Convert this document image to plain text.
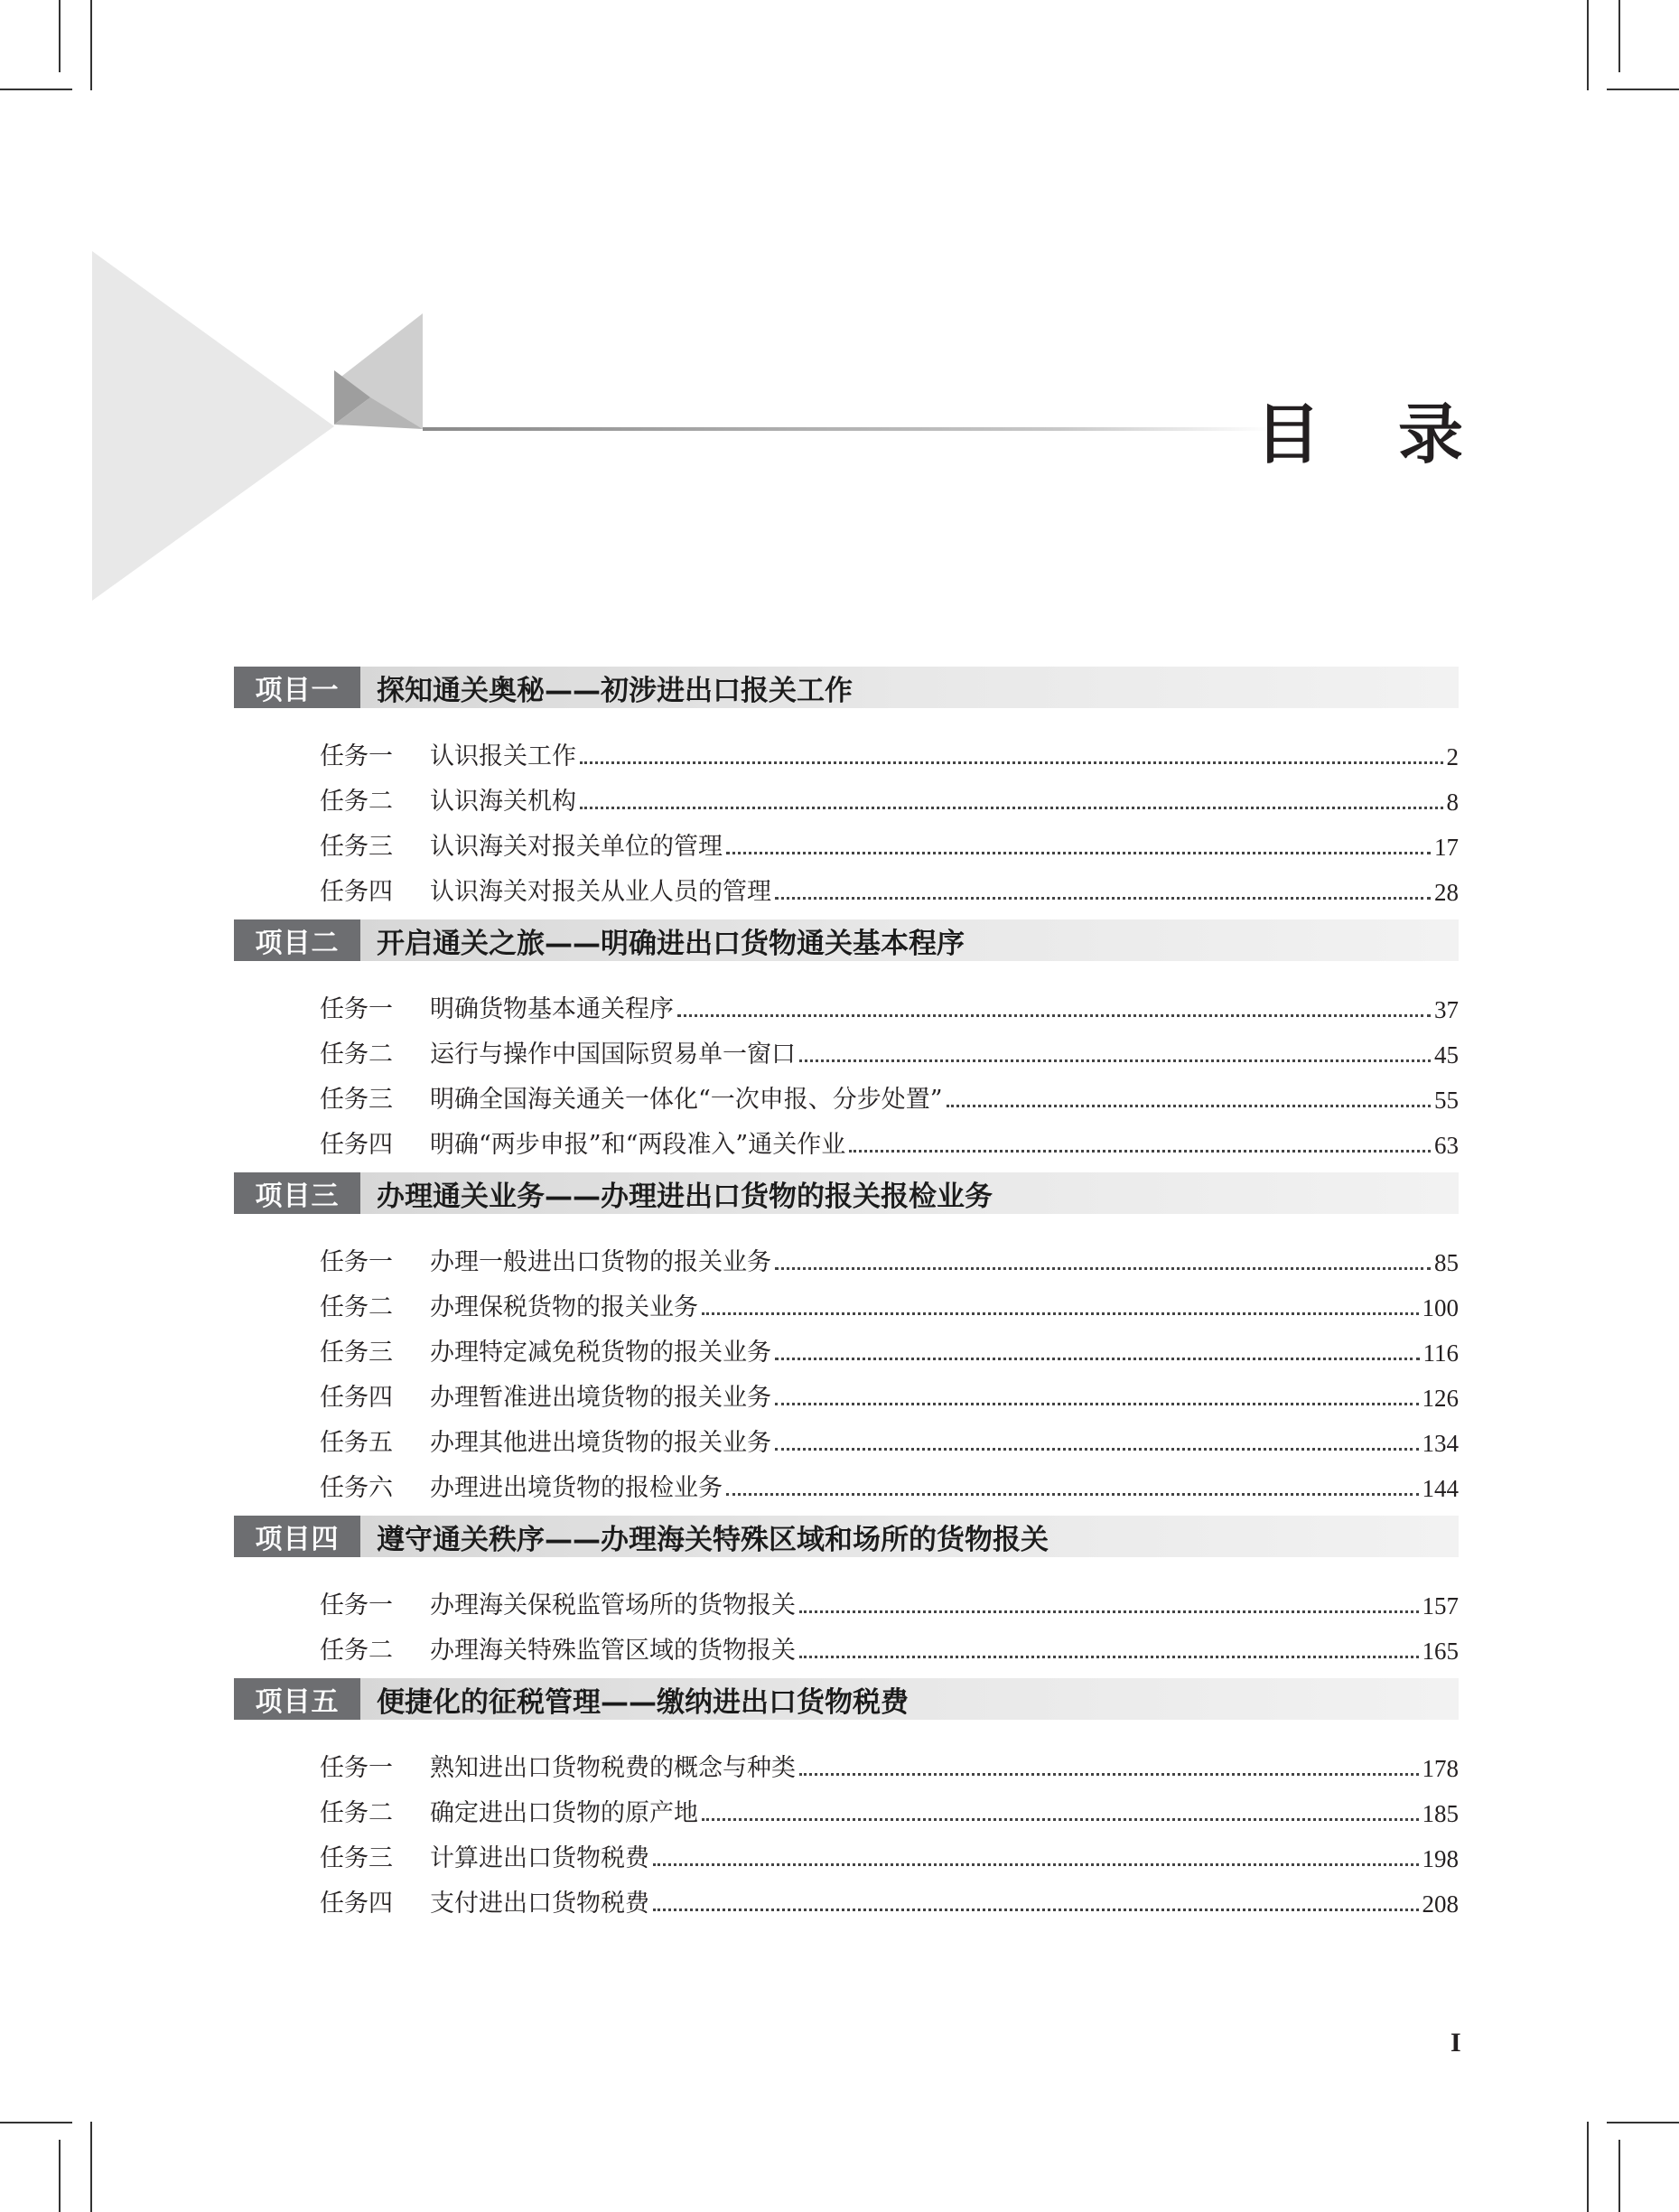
目 录
项目一	探知通关奥秘——初涉进出口报关工作
任务一	认识报关工作	2
任务二	认识海关机构	8
任务三	认识海关对报关单位的管理	17
任务四	认识海关对报关从业人员的管理	28
项目二	开启通关之旅——明确进出口货物通关基本程序
任务一	明确货物基本通关程序	37
任务二	运行与操作中国国际贸易单一窗口	45
任务三	明确全国海关通关一体化“一次申报、分步处置”	55
任务四	明确“两步申报”和“两段准入”通关作业	63
项目三	办理通关业务——办理进出口货物的报关报检业务
任务一	办理一般进出口货物的报关业务	85
任务二	办理保税货物的报关业务	100
任务三	办理特定减免税货物的报关业务	116
任务四	办理暂准进出境货物的报关业务	126
任务五	办理其他进出境货物的报关业务	134
任务六	办理进出境货物的报检业务	144
项目四	遵守通关秩序——办理海关特殊区域和场所的货物报关
任务一	办理海关保税监管场所的货物报关	157
任务二	办理海关特殊监管区域的货物报关	165
项目五	便捷化的征税管理——缴纳进出口货物税费
任务一	熟知进出口货物税费的概念与种类	178
任务二	确定进出口货物的原产地	185
任务三	计算进出口货物税费	198
任务四	支付进出口货物税费	208
I
